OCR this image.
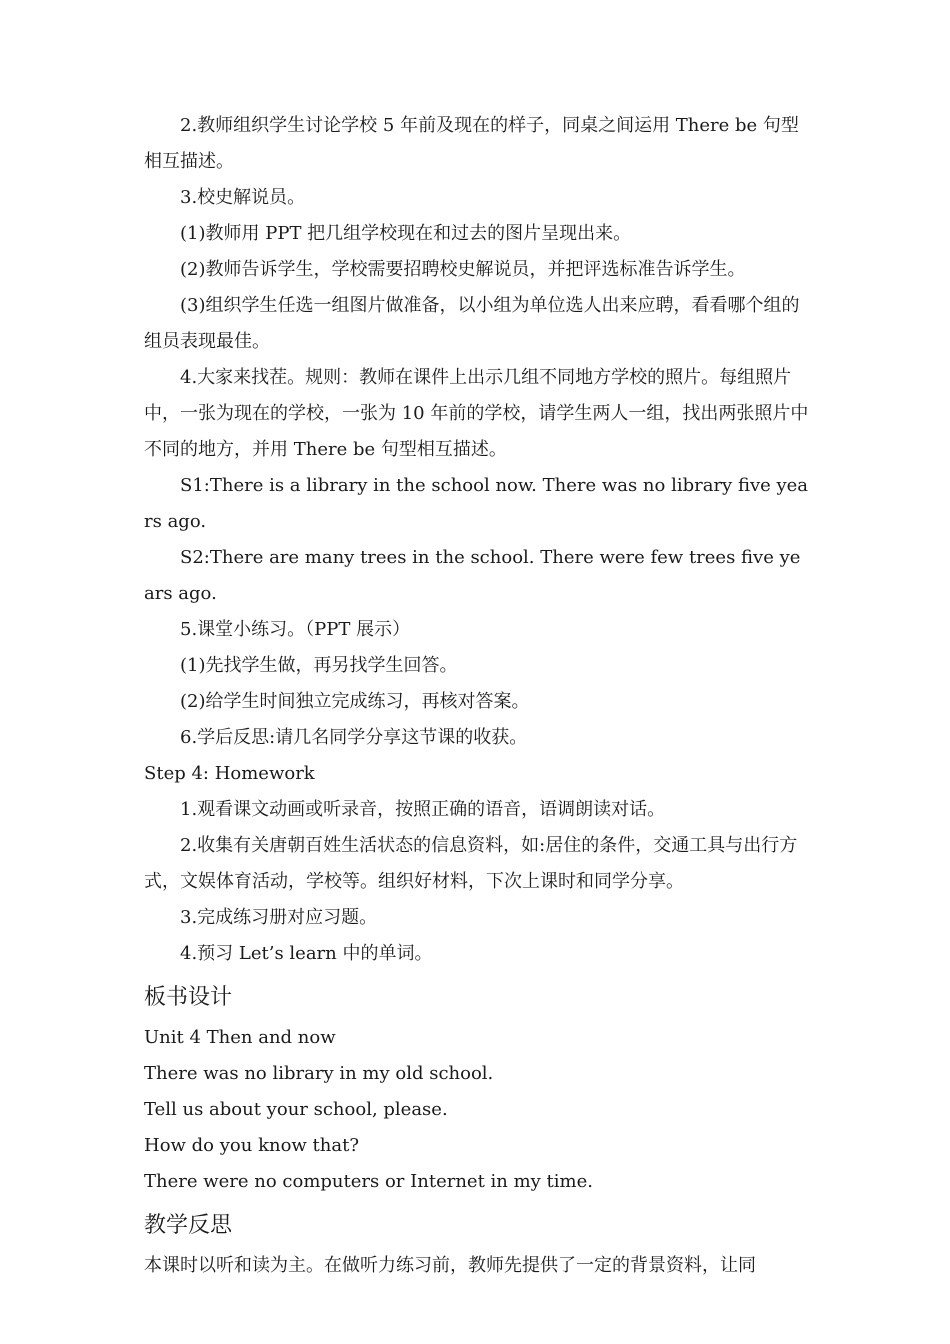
2.教师组织学生讨论学校 5 年前及现在的样子，同桌之间运用 There be 句型相互描述。

3.校史解说员。

(1)教师用 PPT 把几组学校现在和过去的图片呈现出来。

(2)教师告诉学生，学校需要招聘校史解说员，并把评选标准告诉学生。

(3)组织学生任选一组图片做准备，以小组为单位选人出来应聘，看看哪个组的组员表现最佳。

4.大家来找茬。规则：教师在课件上出示几组不同地方学校的照片。每组照片中，一张为现在的学校，一张为 10 年前的学校，请学生两人一组，找出两张照片中不同的地方，并用 There be 句型相互描述。

S1:There is a library in the school now. There was no library five years ago.

S2:There are many trees in the school. There were few trees five years ago.

5.课堂小练习。（PPT 展示）

(1)先找学生做，再另找学生回答。

(2)给学生时间独立完成练习，再核对答案。

6.学后反思:请几名同学分享这节课的收获。

Step 4: Homework

1.观看课文动画或听录音，按照正确的语音，语调朗读对话。

2.收集有关唐朝百姓生活状态的信息资料，如:居住的条件，交通工具与出行方式，文娱体育活动，学校等。组织好材料，下次上课时和同学分享。

3.完成练习册对应习题。

4.预习 Let’s learn 中的单词。

板书设计

Unit 4 Then and now

There was no library in my old school.

Tell us about your school, please.

How do you know that?

There were no computers or Internet in my time.

教学反思

本课时以听和读为主。在做听力练习前，教师先提供了一定的背景资料，让同
